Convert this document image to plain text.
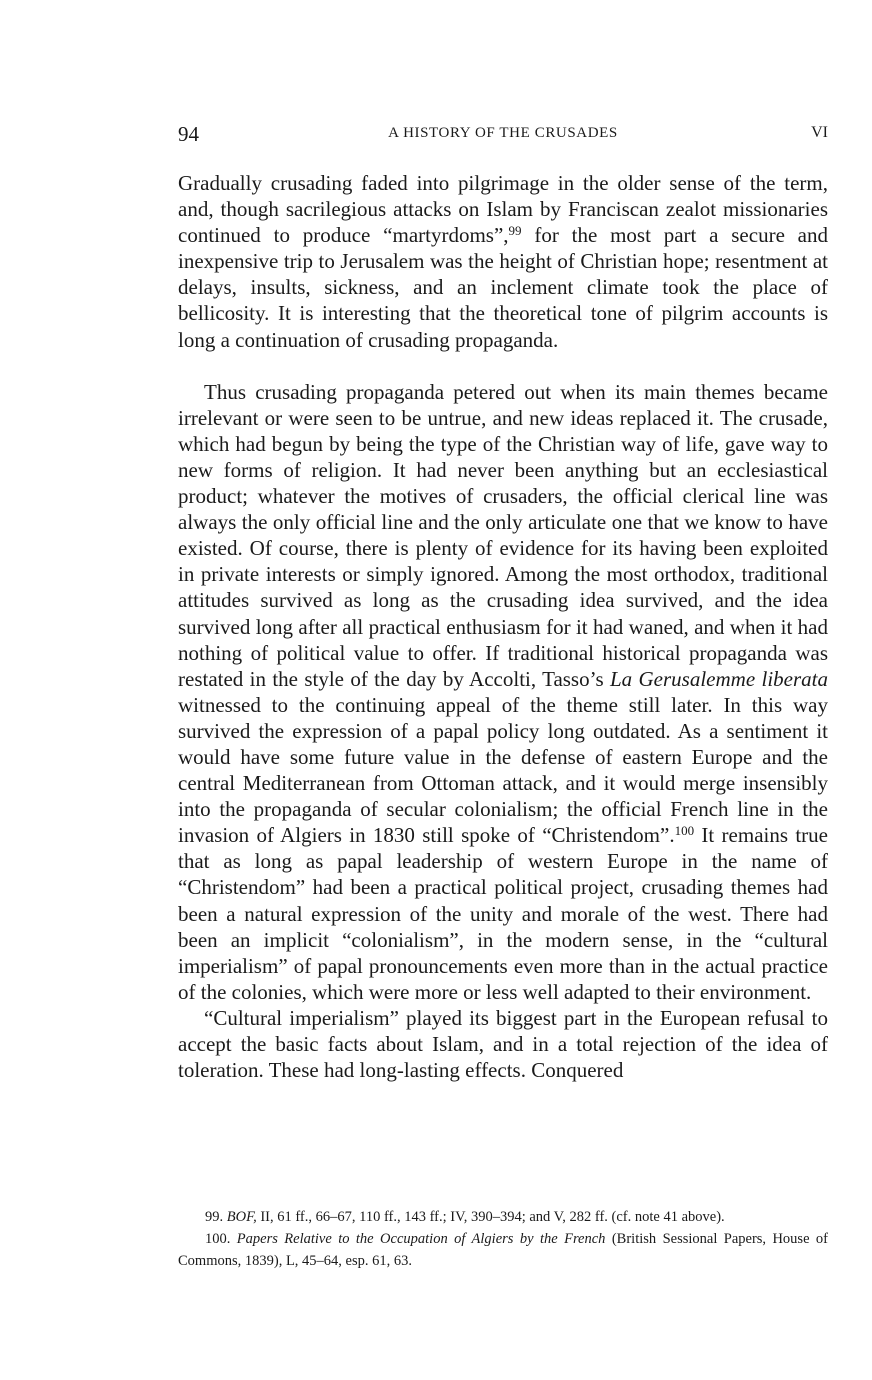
94	A HISTORY OF THE CRUSADES	VI

Gradually crusading faded into pilgrimage in the older sense of the term, and, though sacrilegious attacks on Islam by Franciscan zealot missionaries continued to produce “martyrdoms”,$^{99}$ for the most part a secure and inexpensive trip to Jerusalem was the height of Christian hope; resentment at delays, insults, sickness, and an inclement climate took the place of bellicosity. It is interesting that the theoretical tone of pilgrim accounts is long a continuation of crusading propaganda.

Thus crusading propaganda petered out when its main themes became irrelevant or were seen to be untrue, and new ideas replaced it. The crusade, which had begun by being the type of the Christian way of life, gave way to new forms of religion. It had never been anything but an ecclesiastical product; whatever the motives of crusaders, the official clerical line was always the only official line and the only articulate one that we know to have existed. Of course, there is plenty of evidence for its having been exploited in private interests or simply ignored. Among the most orthodox, traditional attitudes survived as long as the crusading idea survived, and the idea survived long after all practical enthusiasm for it had waned, and when it had nothing of political value to offer. If traditional historical propaganda was restated in the style of the day by Accolti, Tasso’s La Gerusalemme liberata witnessed to the continuing appeal of the theme still later. In this way survived the expression of a papal policy long outdated. As a sentiment it would have some future value in the defense of eastern Europe and the central Mediterranean from Ottoman attack, and it would merge insensibly into the propaganda of secular colonialism; the official French line in the invasion of Algiers in 1830 still spoke of “Christendom”.$^{100}$ It remains true that as long as papal leadership of western Europe in the name of “Christendom” had been a practical political project, crusading themes had been a natural expression of the unity and morale of the west. There had been an implicit “colonialism”, in the modern sense, in the “cultural imperialism” of papal pronouncements even more than in the actual practice of the colonies, which were more or less well adapted to their environment.

“Cultural imperialism” played its biggest part in the European refusal to accept the basic facts about Islam, and in a total rejection of the idea of toleration. These had long-lasting effects. Conquered

99. BOF, II, 61 ff., 66–67, 110 ff., 143 ff.; IV, 390–394; and V, 282 ff. (cf. note 41 above).

100. Papers Relative to the Occupation of Algiers by the French (British Sessional Papers, House of Commons, 1839), L, 45–64, esp. 61, 63.
